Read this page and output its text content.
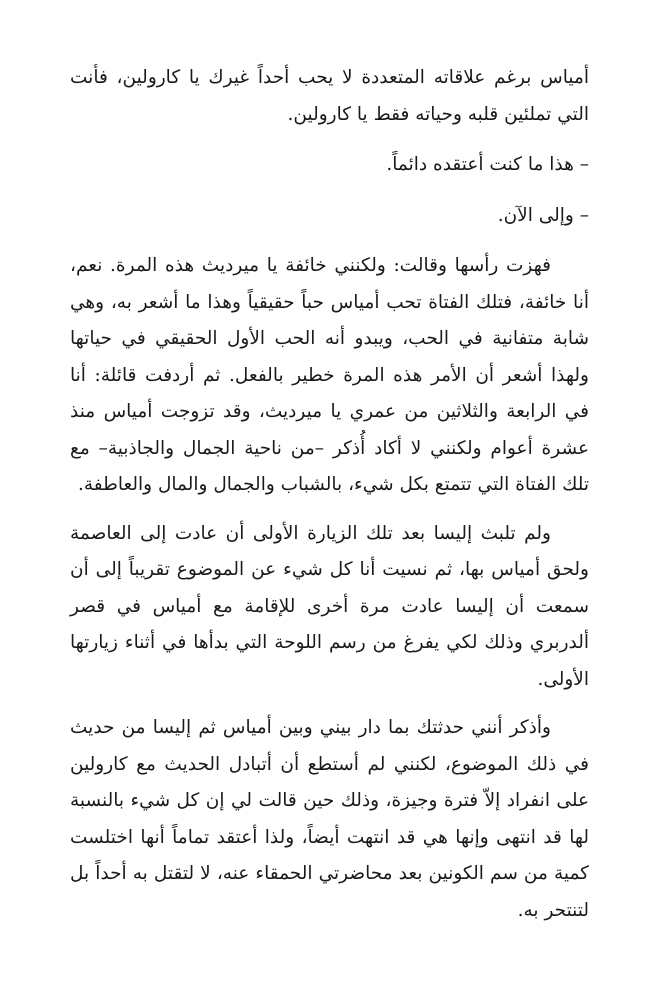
أمياس برغم علاقاته المتعددة لا يحب أحداً غيرك يا كارولين، فأنت التي تملئين قلبه وحياته فقط يا كارولين.

– هذا ما كنت أعتقده دائماً.

– وإلى الآن.

فهزت رأسها وقالت: ولكنني خائفة يا ميرديث هذه المرة. نعم، أنا خائفة، فتلك الفتاة تحب أمياس حباً حقيقياً وهذا ما أشعر به، وهي شابة متفانية في الحب، ويبدو أنه الحب الأول الحقيقي في حياتها ولهذا أشعر أن الأمر هذه المرة خطير بالفعل. ثم أردفت قائلة: أنا في الرابعة والثلاثين من عمري يا ميرديث، وقد تزوجت أمياس منذ عشرة أعوام ولكنني لا أكاد أُذكر –من ناحية الجمال والجاذبية– مع تلك الفتاة التي تتمتع بكل شيء، بالشباب والجمال والمال والعاطفة.

ولم تلبث إليسا بعد تلك الزيارة الأولى أن عادت إلى العاصمة ولحق أمياس بها، ثم نسيت أنا كل شيء عن الموضوع تقريباً إلى أن سمعت أن إليسا عادت مرة أخرى للإقامة مع أمياس في قصر ألدربري وذلك لكي يفرغ من رسم اللوحة التي بدأها في أثناء زيارتها الأولى.

وأذكر أنني حدثتك بما دار بيني وبين أمياس ثم إليسا من حديث في ذلك الموضوع، لكنني لم أستطع أن أتبادل الحديث مع كارولين على انفراد إلاّ فترة وجيزة، وذلك حين قالت لي إن كل شيء بالنسبة لها قد انتهى وإنها هي قد انتهت أيضاً، ولذا أعتقد تماماً أنها اختلست كمية من سم الكونين بعد محاضرتي الحمقاء عنه، لا لتقتل به أحداً بل لتنتحر به.
